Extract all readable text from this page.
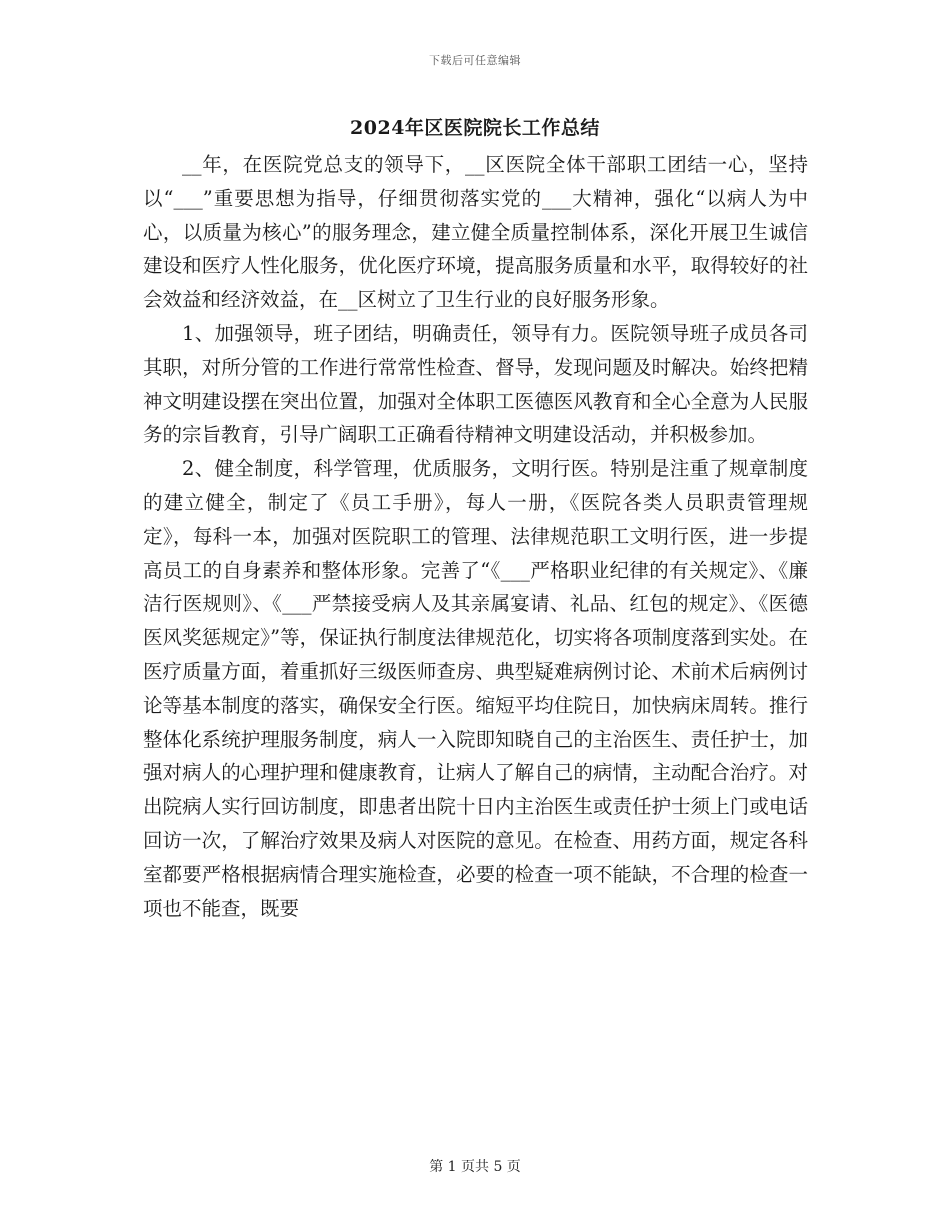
下载后可任意编辑
2024年区医院院长工作总结

__年，在医院党总支的领导下，__区医院全体干部职工团结一心，坚持以“___”重要思想为指导，仔细贯彻落实党的___大精神，强化“以病人为中心，以质量为核心”的服务理念，建立健全质量控制体系，深化开展卫生诚信建设和医疗人性化服务，优化医疗环境，提高服务质量和水平，取得较好的社会效益和经济效益，在__区树立了卫生行业的良好服务形象。

1、加强领导，班子团结，明确责任，领导有力。医院领导班子成员各司其职，对所分管的工作进行常常性检查、督导，发现问题及时解决。始终把精神文明建设摆在突出位置，加强对全体职工医德医风教育和全心全意为人民服务的宗旨教育，引导广阔职工正确看待精神文明建设活动，并积极参加。

2、健全制度，科学管理，优质服务，文明行医。特别是注重了规章制度的建立健全，制定了《员工手册》，每人一册，《医院各类人员职责管理规定》，每科一本，加强对医院职工的管理、法律规范职工文明行医，进一步提高员工的自身素养和整体形象。完善了“《___严格职业纪律的有关规定》、《廉洁行医规则》、《___严禁接受病人及其亲属宴请、礼品、红包的规定》、《医德医风奖惩规定》”等，保证执行制度法律规范化，切实将各项制度落到实处。在医疗质量方面，着重抓好三级医师查房、典型疑难病例讨论、术前术后病例讨论等基本制度的落实，确保安全行医。缩短平均住院日，加快病床周转。推行整体化系统护理服务制度，病人一入院即知晓自己的主治医生、责任护士，加强对病人的心理护理和健康教育，让病人了解自己的病情，主动配合治疗。对出院病人实行回访制度，即患者出院十日内主治医生或责任护士须上门或电话回访一次，了解治疗效果及病人对医院的意见。在检查、用药方面，规定各科室都要严格根据病情合理实施检查，必要的检查一项不能缺，不合理的检查一项也不能查，既要

第 1 页共 5 页
